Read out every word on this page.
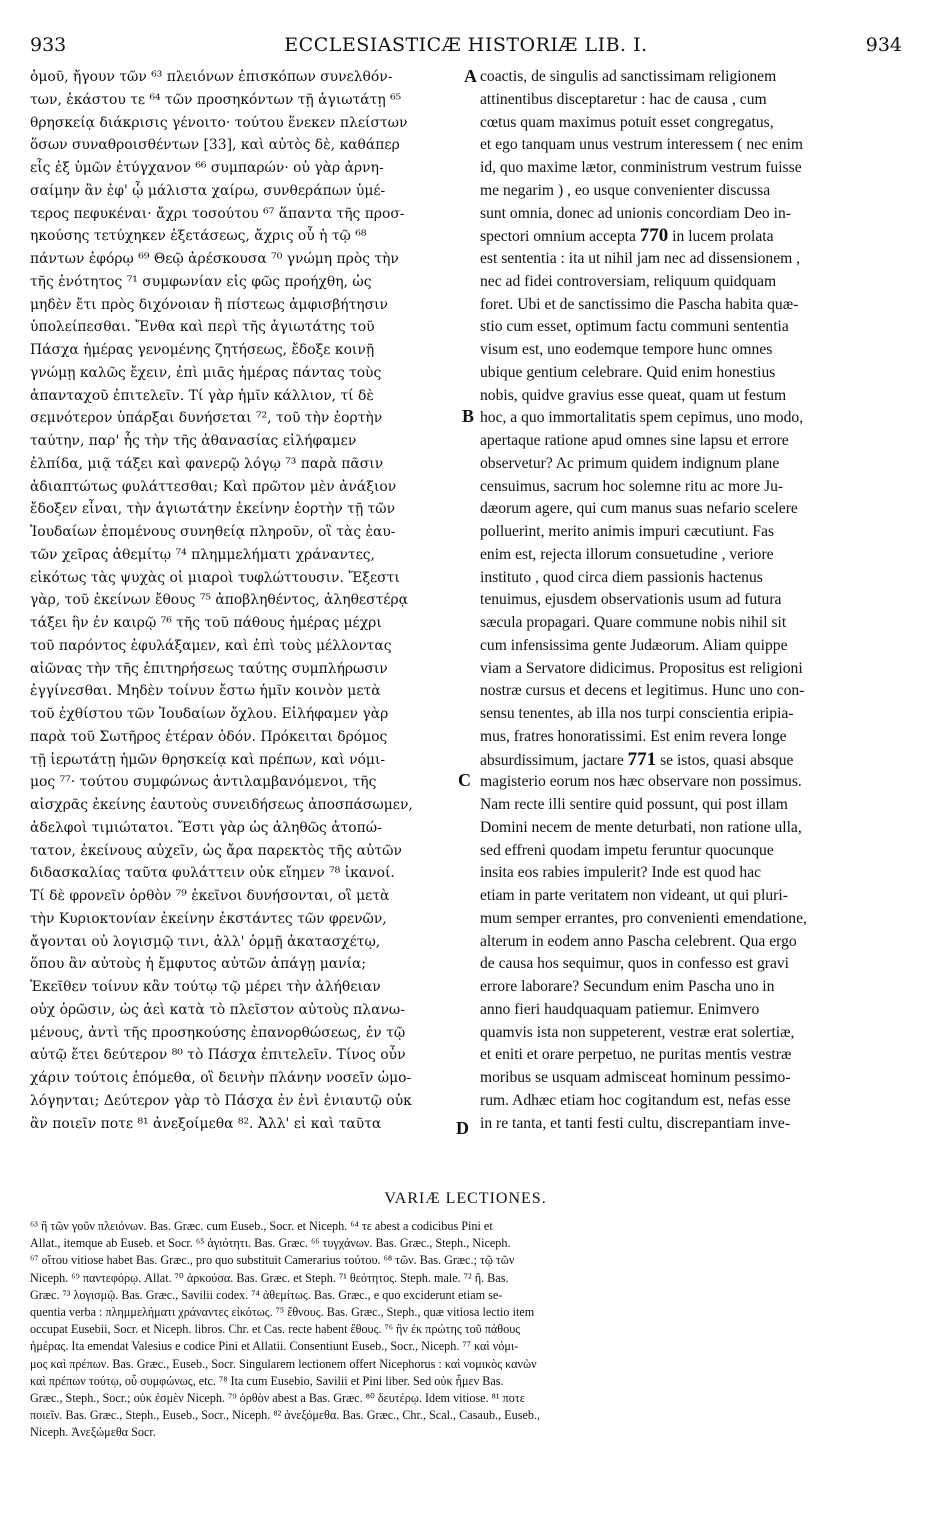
933	ECCLESIASTICÆ HISTORIÆ LIB. I.	934
ὁμοῦ, ἤγουν τῶν ⁶³ πλειόνων ἐπισκόπων συνελθόν-
των, ἑκάστου τε ⁶⁴ τῶν προσηκόντων τῇ ἁγιωτάτῃ ⁶⁵
θρησκείᾳ διάκρισις γένοιτο· τούτου ἕνεκεν πλείστων
ὅσων συναθροισθέντων [33], καὶ αὐτὸς δὲ, καθάπερ
εἷς ἐξ ὑμῶν ἐτύγχανον ⁶⁶ συμπαρών· οὐ γὰρ ἀρνη-
σαίμην ἂν ἐφ' ᾧ μάλιστα χαίρω, συνθεράπων ὑμέ-
τερος πεφυκέναι· ἄχρι τοσούτου ⁶⁷ ἅπαντα τῆς προσ-
ηκούσης τετύχηκεν ἐξετάσεως, ἄχρις οὗ ἡ τῷ ⁶⁸
πάντων ἐφόρῳ ⁶⁹ Θεῷ ἀρέσκουσα ⁷⁰ γνώμη πρὸς τὴν
τῆς ἑνότητος ⁷¹ συμφωνίαν εἰς φῶς προήχθη, ὡς
μηδὲν ἔτι πρὸς διχόνοιαν ἢ πίστεως ἀμφισβήτησιν
ὑπολείπεσθαι. Ἔνθα καὶ περὶ τῆς ἁγιωτάτης τοῦ
Πάσχα ἡμέρας γενομένης ζητήσεως, ἔδοξε κοινῇ
γνώμῃ καλῶς ἔχειν, ἐπὶ μιᾶς ἡμέρας πάντας τοὺς
ἁπανταχοῦ ἐπιτελεῖν. Τί γὰρ ἡμῖν κάλλιον, τί δὲ
σεμνότερον ὑπάρξαι δυνήσεται ⁷², τοῦ τὴν ἑορτὴν
ταύτην, παρ' ἧς τὴν τῆς ἀθανασίας εἰλήφαμεν
ἐλπίδα, μιᾷ τάξει καὶ φανερῷ λόγῳ ⁷³ παρὰ πᾶσιν
ἀδιαπτώτως φυλάττεσθαι; Καὶ πρῶτον μὲν ἀνάξιον
ἔδοξεν εἶναι, τὴν ἁγιωτάτην ἐκείνην ἑορτὴν τῇ τῶν
Ἰουδαίων ἑπομένους συνηθείᾳ πληροῦν, οἳ τὰς ἑαυ-
τῶν χεῖρας ἀθεμίτῳ ⁷⁴ πλημμελήματι χράναντες,
εἰκότως τὰς ψυχὰς οἱ μιαροὶ τυφλώττουσιν. Ἔξεστι
γὰρ, τοῦ ἐκείνων ἔθους ⁷⁵ ἀποβληθέντος, ἀληθεστέρᾳ
τάξει ἣν ἐν καιρῷ ⁷⁶ τῆς τοῦ πάθους ἡμέρας μέχρι
τοῦ παρόντος ἐφυλάξαμεν, καὶ ἐπὶ τοὺς μέλλοντας
αἰῶνας τὴν τῆς ἐπιτηρήσεως ταύτης συμπλήρωσιν
ἐγγίνεσθαι. Μηδὲν τοίνυν ἔστω ἡμῖν κοινὸν μετὰ
τοῦ ἐχθίστου τῶν Ἰουδαίων ὄχλου. Εἰλήφαμεν γὰρ
παρὰ τοῦ Σωτῆρος ἑτέραν ὁδόν. Πρόκειται δρόμος
τῇ ἱερωτάτῃ ἡμῶν θρησκείᾳ καὶ πρέπων, καὶ νόμι-
μος ⁷⁷· τούτου συμφώνως ἀντιλαμβανόμενοι, τῆς
αἰσχρᾶς ἐκείνης ἑαυτοὺς συνειδήσεως ἀποσπάσωμεν,
ἀδελφοὶ τιμιώτατοι. Ἔστι γὰρ ὡς ἀληθῶς ἀτοπώ-
τατον, ἐκείνους αὐχεῖν, ὡς ἄρα παρεκτὸς τῆς αὐτῶν
διδασκαλίας ταῦτα φυλάττειν οὐκ εἴημεν ⁷⁸ ἱκανοί.
Τί δὲ φρονεῖν ὀρθὸν ⁷⁹ ἐκεῖνοι δυνήσονται, οἳ μετὰ
τὴν Κυριοκτονίαν ἐκείνην ἐκστάντες τῶν φρενῶν,
ἄγονται οὐ λογισμῷ τινι, ἀλλ' ὁρμῇ ἀκατασχέτῳ,
ὅπου ἂν αὐτοὺς ἡ ἔμφυτος αὐτῶν ἀπάγῃ μανία;
Ἐκεῖθεν τοίνυν κἂν τούτῳ τῷ μέρει τὴν ἀλήθειαν
οὐχ ὁρῶσιν, ὡς ἀεὶ κατὰ τὸ πλεῖστον αὐτοὺς πλανω-
μένους, ἀντὶ τῆς προσηκούσης ἐπανορθώσεως, ἐν τῷ
αὐτῷ ἔτει δεύτερον ⁸⁰ τὸ Πάσχα ἐπιτελεῖν. Τίνος οὖν
χάριν τούτοις ἑπόμεθα, οἳ δεινὴν πλάνην νοσεῖν ὡμο-
λόγηνται; Δεύτερον γὰρ τὸ Πάσχα ἐν ἑνὶ ἐνιαυτῷ οὐκ
ἂν ποιεῖν ποτε ⁸¹ ἀνεξοίμεθα ⁸². Ἀλλ' εἰ καὶ ταῦτα
coactis, de singulis ad sanctissimam religionem
attinentibus disceptaretur : hac de causa , cum
cœtus quam maximus potuit esset congregatus,
et ego tanquam unus vestrum interessem ( nec enim
id, quo maxime lætor, conministrum vestrum fuisse
me negarim ) , eo usque convenienter discussa
sunt omnia, donec ad unionis concordiam Deo in-
spectori omnium accepta 770 in lucem prolata
est sententia : ita ut nihil jam nec ad dissensionem ,
nec ad fidei controversiam, reliquum quidquam
foret. Ubi et de sanctissimo die Pascha habita quæ-
stio cum esset, optimum factu communi sententia
visum est, uno eodemque tempore hunc omnes
ubique gentium celebrare. Quid enim honestius
nobis, quidve gravius esse queat, quam ut festum
hoc, a quo immortalitatis spem cepimus, uno modo,
apertaque ratione apud omnes sine lapsu et errore
observetur? Ac primum quidem indignum plane
censuimus, sacrum hoc solemne ritu ac more Ju-
dæorum agere, qui cum manus suas nefario scelere
polluerint, merito animis impuri cæcutiunt. Fas
enim est, rejecta illorum consuetudine , veriore
instituto , quod circa diem passionis hactenus
tenuimus, ejusdem observationis usum ad futura
sæcula propagari. Quare commune nobis nihil sit
cum infensissima gente Judæorum. Aliam quippe
viam a Servatore didicimus. Propositus est religioni
nostræ cursus et decens et legitimus. Hunc uno con-
sensu tenentes, ab illa nos turpi conscientia eripia-
mus, fratres honoratissimi. Est enim revera longe
absurdissimum, jactare 771 se istos, quasi absque
magisterio eorum nos hæc observare non possimus.
Nam recte illi sentire quid possunt, qui post illam
Domini necem de mente deturbati, non ratione ulla,
sed effreni quodam impetu feruntur quocunque
insita eos rabies impulerit? Inde est quod hac
etiam in parte veritatem non videant, ut qui pluri-
mum semper errantes, pro convenienti emendatione,
alterum in eodem anno Pascha celebrent. Qua ergo
de causa hos sequimur, quos in confesso est gravi
errore laborare? Secundum enim Pascha uno in
anno fieri haudquaquam patiemur. Enimvero
quamvis ista non suppeterent, vestræ erat solertiæ,
et eniti et orare perpetuo, ne puritas mentis vestræ
moribus se usquam admisceat hominum pessimo-
rum. Adhæc etiam hoc cogitandum est, nefas esse
in re tanta, et tanti festi cultu, discrepantiam inve-
A
B
C
D
VARIÆ LECTIONES.
⁶³ ἢ τῶν γοῦν πλειόνων. Bas. Græc. cum Euseb., Socr. et Niceph. ⁶⁴ τε abest a codicibus Pini et
Allat., itemque ab Euseb. et Socr. ⁶⁵ ἁγιότητι. Bas. Græc. ⁶⁶ τυγχάνων. Bas. Græc., Steph., Niceph.
⁶⁷ οἵτου vitiose habet Bas. Græc., pro quo substituit Camerarius τούτου. ⁶⁸ τῶν. Bas. Græc.; τῷ τῶν
Niceph. ⁶⁹ παντεφόρῳ. Allat. ⁷⁰ ἀρκούσα. Bas. Græc. et Steph. ⁷¹ θεότητος. Steph. male. ⁷² ἢ. Bas.
Græc. ⁷³ λογισμῷ. Bas. Græc., Savilii codex. ⁷⁴ ἀθεμίτως. Bas. Græc., e quo exciderunt etiam se-
quentia verba : πλημμελήματι χράναντες εἰκότως. ⁷⁵ ἔθνους. Bas. Græc., Steph., quæ vitiosa lectio item
occupat Eusebii, Socr. et Niceph. libros. Chr. et Cas. recte habent ἔθους. ⁷⁶ ἣν ἐκ πρώτης τοῦ πάθους
ἡμέρας. Ita emendat Valesius e codice Pini et Allatii. Consentiunt Euseb., Socr., Niceph. ⁷⁷ καὶ νόμι-
μος καὶ πρέπων. Bas. Græc., Euseb., Socr. Singularem lectionem offert Nicephorus : καὶ νομικὸς κανὼν
καὶ πρέπων τούτῳ, οὗ συμφώνως, etc. ⁷⁸ Ita cum Eusebio, Savilii et Pini liber. Sed οὐκ ἦμεν Bas.
Græc., Steph., Socr.; οὐκ ἐσμὲν Niceph. ⁷⁹ ὀρθὸν abest a Bas. Græc. ⁸⁰ δευτέρῳ. Idem vitiose. ⁸¹ ποτε
ποιεῖν. Bas. Græc., Steph., Euseb., Socr., Niceph. ⁸² ἀνεξόμεθα. Bas. Græc., Chr., Scal., Casaub., Euseb.,
Niceph. Ἀνεξώμεθα Socr.
